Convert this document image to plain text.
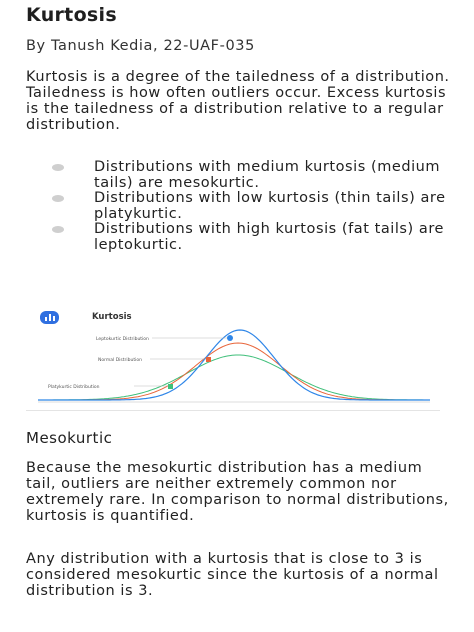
Kurtosis

By Tanush Kedia, 22-UAF-035

Kurtosis is a degree of the tailedness of a distribution. Tailedness is how often outliers occur. Excess kurtosis is the tailedness of a distribution relative to a regular distribution.

Distributions with medium kurtosis (medium tails) are mesokurtic.
Distributions with low kurtosis (thin tails) are platykurtic.
Distributions with high kurtosis (fat tails) are leptokurtic.
Kurtosis
Leptokurtic Distribution
Normal Distribution
Platykurtic Distribution
Mesokurtic

Because the mesokurtic distribution has a medium tail, outliers are neither extremely common nor extremely rare. In comparison to normal distributions, kurtosis is quantified.

Any distribution with a kurtosis that is close to 3 is considered mesokurtic since the kurtosis of a normal distribution is 3.
